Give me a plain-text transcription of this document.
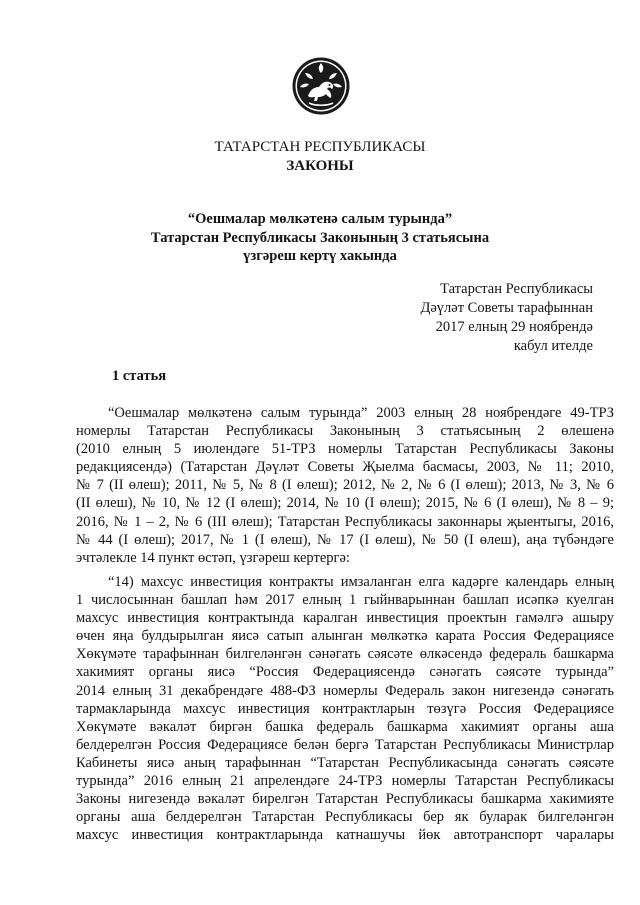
ТАТАРСТАН РЕСПУБЛИКАСЫ
ЗАКОНЫ
“Оешмалар мөлкәтенә салым турында”
Татарстан Республикасы Законының 3 статьясына
үзгәреш кертү хакында
Татарстан Республикасы
Дәүләт Советы тарафыннан
2017 елның 29 ноябрендә
кабул ителде
1 статья
“Оешмалар мөлкәтенә салым турында” 2003 елның 28 ноябрендәге 49-ТРЗ
номерлы Татарстан Республикасы Законының 3 статьясының 2 өлешенә
(2010 елның 5 июлендәге 51-ТРЗ номерлы Татарстан Республикасы Законы
редакциясендә) (Татарстан Дәүләт Советы Җыелма басмасы, 2003, № 11; 2010,
№ 7 (II өлеш); 2011, № 5, № 8 (I өлеш); 2012, № 2, № 6 (I өлеш); 2013, № 3, № 6
(II өлеш), № 10, № 12 (I өлеш); 2014, № 10 (I өлеш); 2015, № 6 (I өлеш), № 8 – 9;
2016, № 1 – 2, № 6 (III өлеш); Татарстан Республикасы законнары җыентыгы, 2016,
№ 44 (I өлеш); 2017, № 1 (I өлеш), № 17 (I өлеш), № 50 (I өлеш), аңа түбәндәге
эчтәлекле 14 пункт өстәп, үзгәреш кертергә:
“14) махсус инвестиция контракты имзаланган елга кадәрге календарь елның
1 числосыннан башлап һәм 2017 елның 1 гыйнварыннан башлап исәпкә куелган
махсус инвестиция контрактында каралган инвестиция проектын гамәлгә ашыру
өчен яңа булдырылган яисә сатып алынган мөлкәткә карата Россия Федерациясе
Хөкүмәте тарафыннан билгеләнгән сәнәгать сәясәте өлкәсендә федераль башкарма
хакимият органы яисә “Россия Федерациясендә сәнәгать сәясәте турында”
2014 елның 31 декабрендәге 488-ФЗ номерлы Федераль закон нигезендә сәнәгать
тармакларында махсус инвестиция контрактларын төзүгә Россия Федерациясе
Хөкүмәте вәкаләт биргән башка федераль башкарма хакимият органы аша
белдерелгән Россия Федерациясе белән бергә Татарстан Республикасы Министрлар
Кабинеты яисә аның тарафыннан “Татарстан Республикасында сәнәгать сәясәте
турында” 2016 елның 21 апрелендәге 24-ТРЗ номерлы Татарстан Республикасы
Законы нигезендә вәкаләт бирелгән Татарстан Республикасы башкарма хакимияте
органы аша белдерелгән Татарстан Республикасы бер як буларак билгеләнгән
махсус инвестиция контрактларында катнашучы йөк автотранспорт чаралары
